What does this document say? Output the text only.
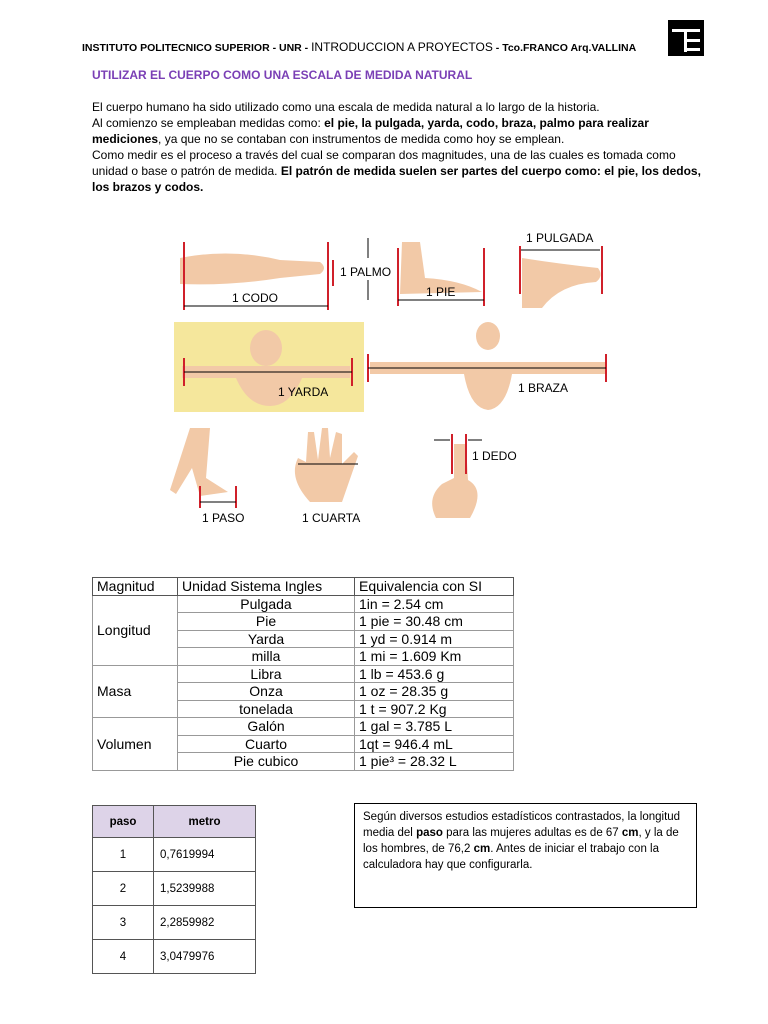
INSTITUTO POLITECNICO SUPERIOR - UNR - INTRODUCCION A PROYECTOS - Tco.FRANCO Arq.VALLINA
UTILIZAR EL CUERPO COMO UNA ESCALA DE MEDIDA NATURAL

El cuerpo humano ha sido utilizado como una escala de medida natural a lo largo de la historia.

Al comienzo se empleaban medidas como: el pie, la pulgada, yarda, codo, braza, palmo para realizar mediciones, ya que no se contaban con instrumentos de medida como hoy se emplean.

Como medir es el proceso a través del cual se comparan dos magnitudes, una de las cuales es tomada como unidad o base o patrón de medida. El patrón de medida suelen ser partes del cuerpo como: el pie, los dedos, los brazos y codos.

1 CODO
1 PALMO
1 PIE
1 PULGADA
1 YARDA	1 BRAZA
1 PASO	1 CUARTA
1 DEDO
Magnitud	Unidad Sistema Ingles	Equivalencia con SI
Longitud	Pulgada	1in = 2.54 cm
	Pie	1 pie = 30.48 cm
	Yarda	1 yd = 0.914 m
	milla	1 mi = 1.609 Km
Masa	Libra	1 lb = 453.6 g
	Onza	1 oz = 28.35 g
	tonelada	1 t = 907.2 Kg
Volumen	Galón	1 gal = 3.785 L
	Cuarto	1qt = 946.4 mL
	Pie cubico	1 pie³ = 28.32 L
paso	metro
1	0,7619994
2	1,5239988
3	2,2859982
4	3,0479976
Según diversos estudios estadísticos contrastados, la longitud media del paso para las mujeres adultas es de 67 cm, y la de los hombres, de 76,2 cm. Antes de iniciar el trabajo con la calculadora hay que configurarla.
